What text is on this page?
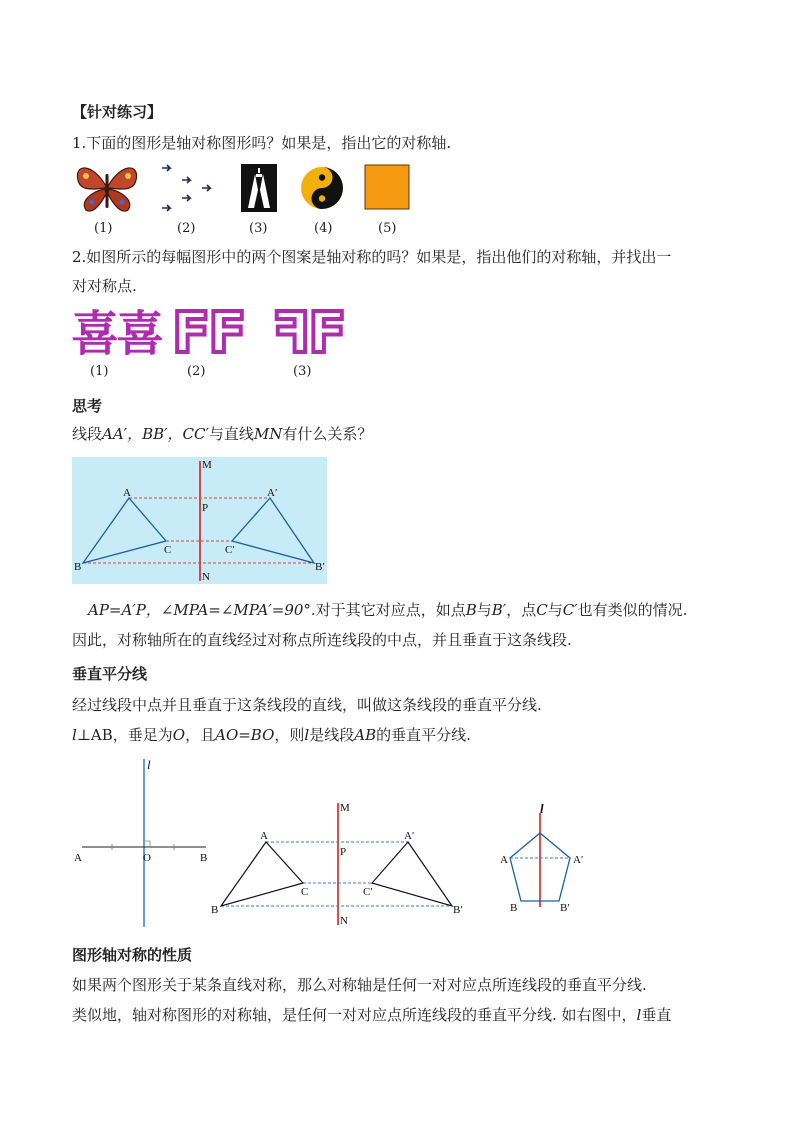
【针对练习】
1.下面的图形是轴对称图形吗？如果是，指出它的对称轴.
(1)	(2)	(3)	(4)	(5)
2.如图所示的每幅图形中的两个图案是轴对称的吗？如果是，指出他们的对称轴，并找出一
对对称点.
喜喜 FF ꟻF
(1)	(2)	(3)
思考
线段AA′，BB′，CC′与直线MN有什么关系？
M
N
P
A	A′
B	B′
C	C′
AP=A′P，∠MPA=∠MPA′=90°.对于其它对应点，如点B与B′，点C与C′也有类似的情况.
因此，对称轴所在的直线经过对称点所连线段的中点，并且垂直于这条线段.
垂直平分线
经过线段中点并且垂直于这条线段的直线，叫做这条线段的垂直平分线.
l⊥AB，垂足为O，且AO=BO，则l是线段AB的垂直平分线.
l
A	O	B
M
N
P
A	A′
B	B′
C	C′
l
A	A′
B	B′
图形轴对称的性质
如果两个图形关于某条直线对称，那么对称轴是任何一对对应点所连线段的垂直平分线.
类似地，轴对称图形的对称轴，是任何一对对应点所连线段的垂直平分线. 如右图中，l垂直
